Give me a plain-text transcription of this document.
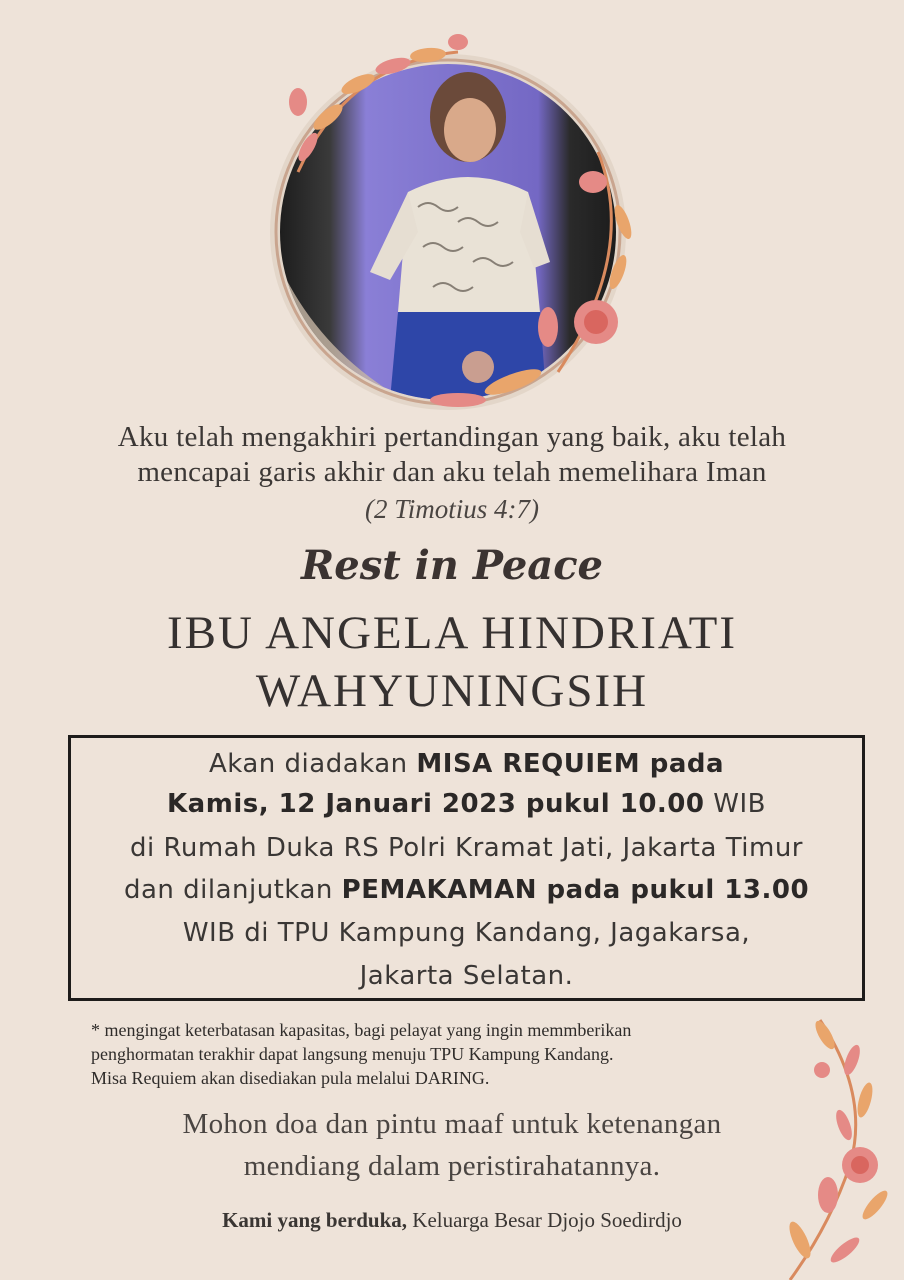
Aku telah mengakhiri pertandingan yang baik, aku telah
mencapai garis akhir dan aku telah memelihara Iman
(2 Timotius 4:7)
Rest in Peace
IBU ANGELA HINDRIATI
WAHYUNINGSIH
Akan diadakan MISA REQUIEM pada
Kamis, 12 Januari 2023 pukul 10.00 WIB
di Rumah Duka RS Polri Kramat Jati, Jakarta Timur
dan dilanjutkan PEMAKAMAN pada pukul 13.00
WIB di TPU Kampung Kandang, Jagakarsa,
Jakarta Selatan.
* mengingat keterbatasan kapasitas, bagi pelayat yang ingin memmberikan
penghormatan terakhir dapat langsung menuju TPU Kampung Kandang.
Misa Requiem akan disediakan pula melalui DARING.
Mohon doa dan pintu maaf untuk ketenangan
mendiang dalam peristirahatannya.
Kami yang berduka, Keluarga Besar Djojo Soedirdjo
